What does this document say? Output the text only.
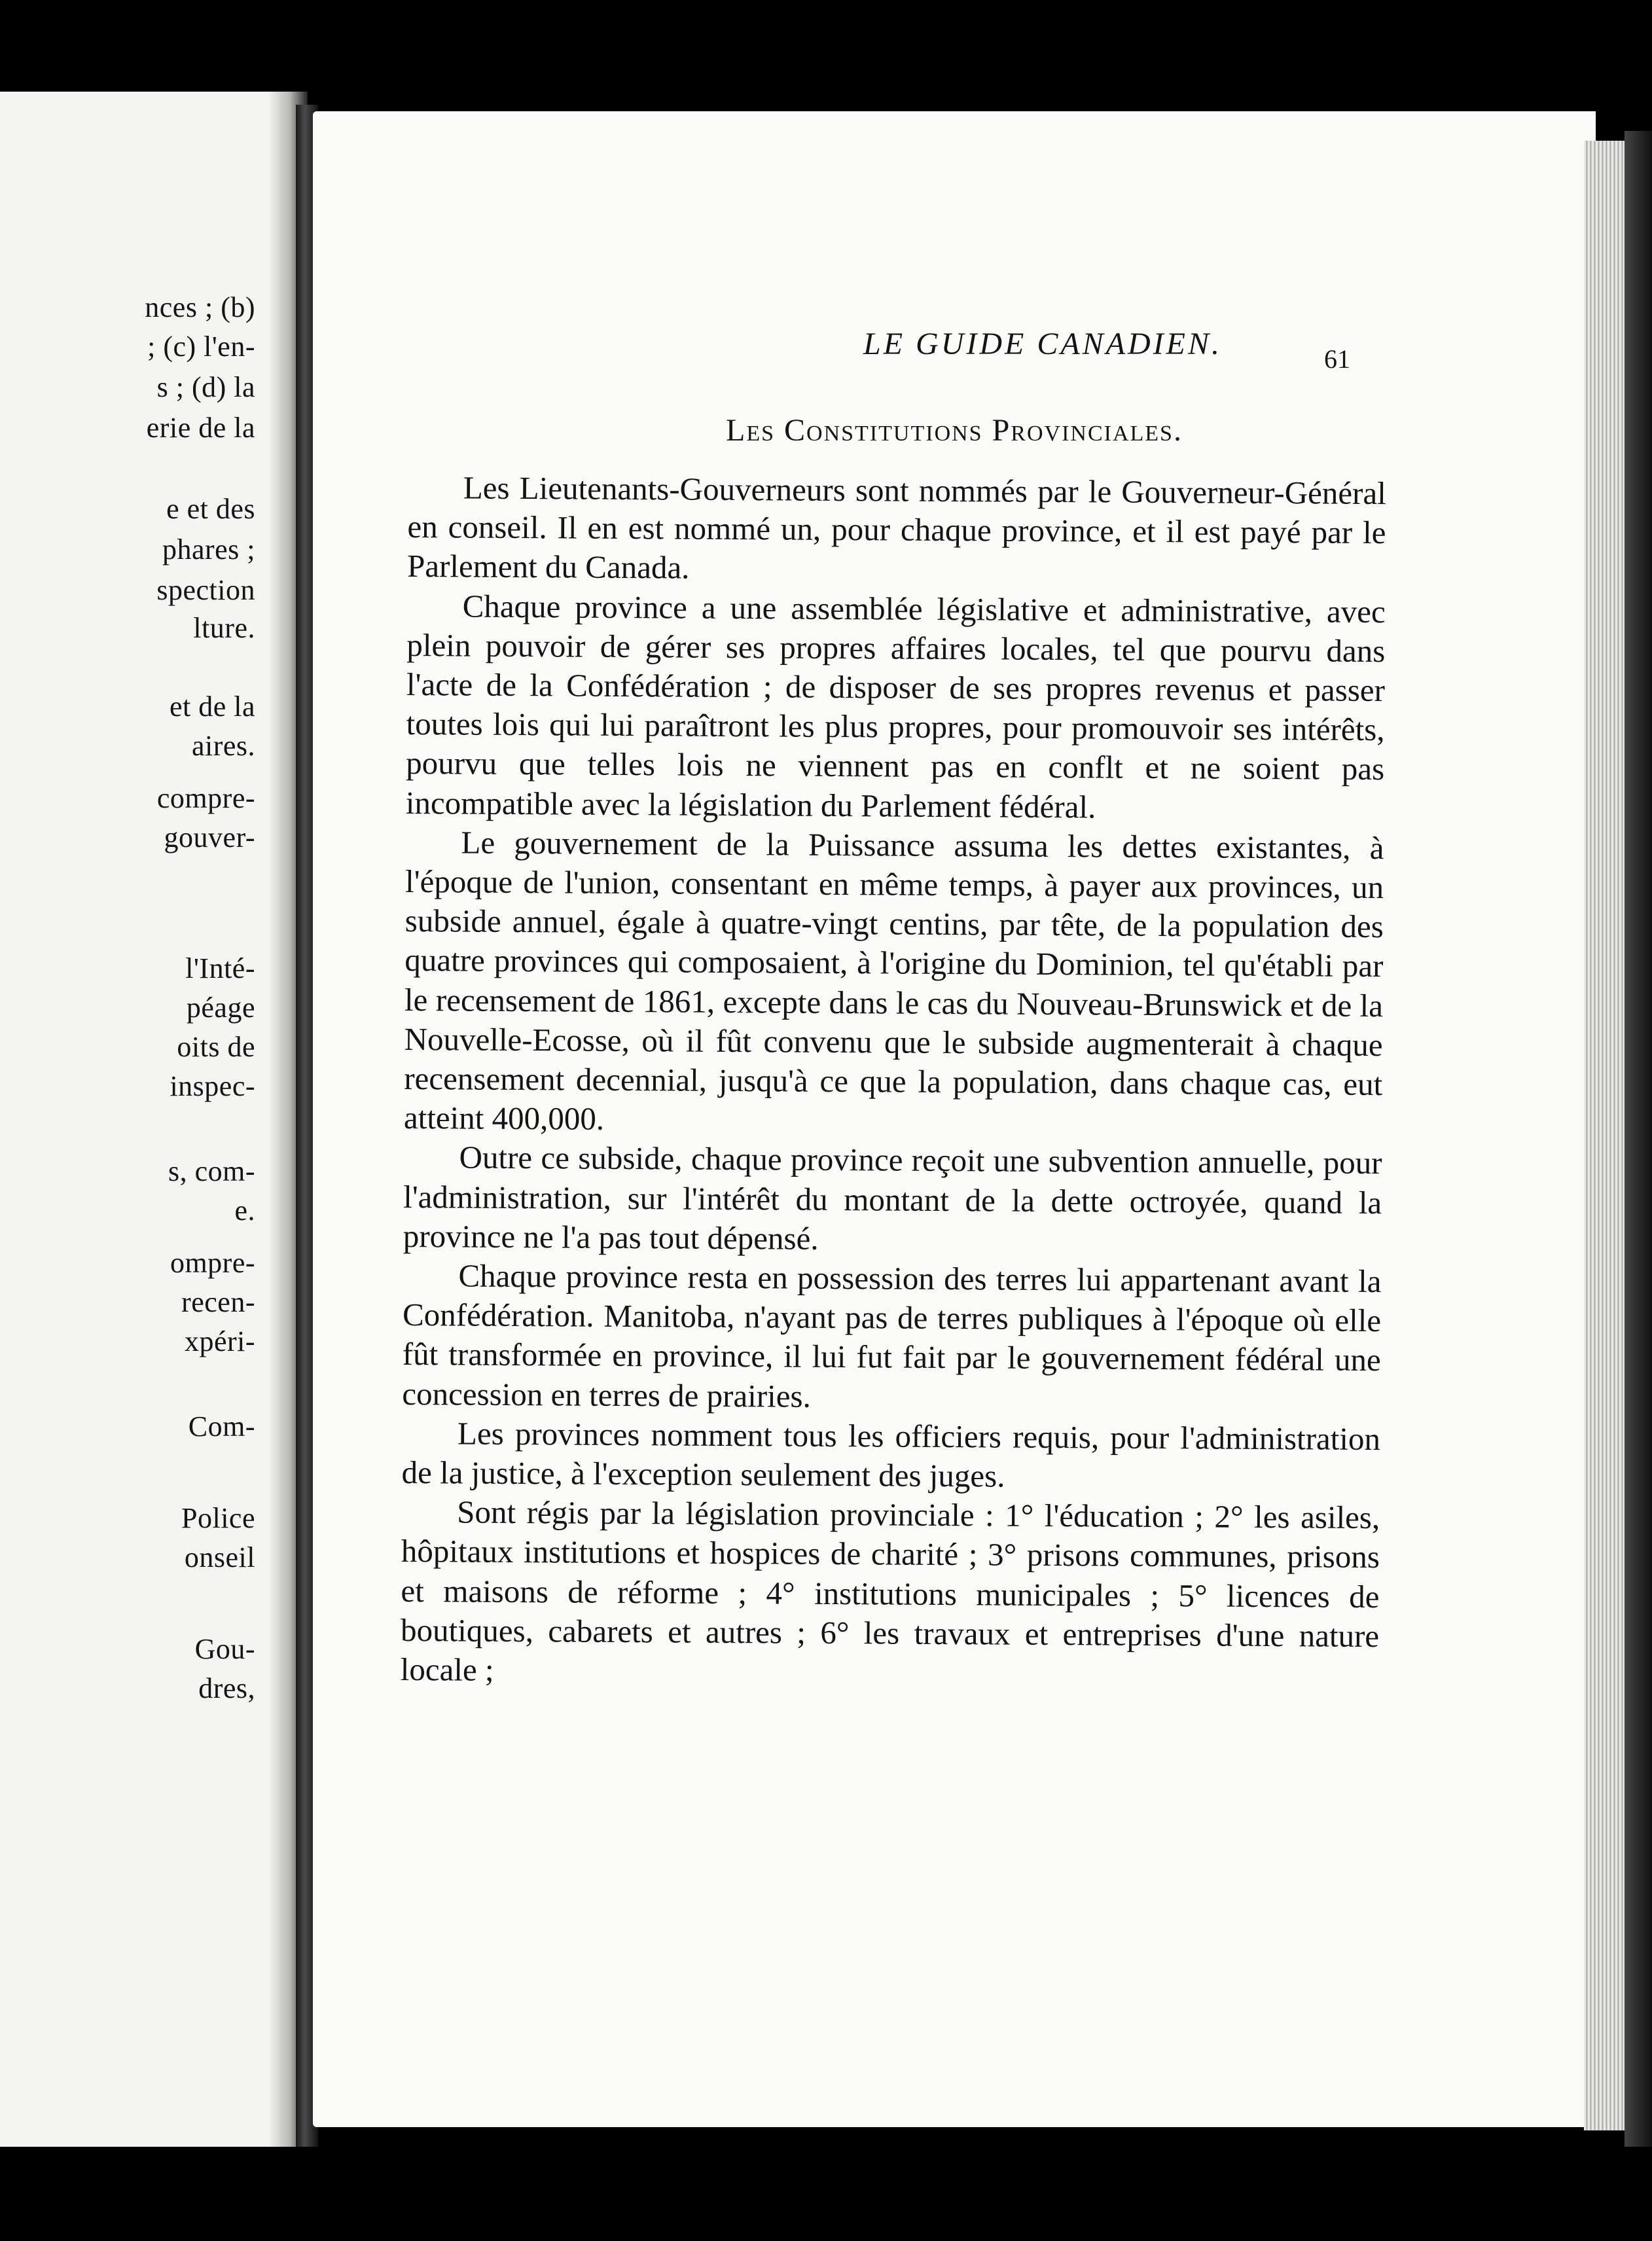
nces ; (b)
; (c) l'en-
s ; (d) la
erie de la
e et des
phares ;
spection
lture.
et de la
aires.
compre-
gouver-
l'Inté-
péage
oits de
inspec-
s, com-
e.
ompre-
recen-
xpéri-
Com-
Police
onseil
Gou-
dres,
LE GUIDE CANADIEN.	61
Les Constitutions Provinciales.

Les Lieutenants-Gouverneurs sont nommés par le Gouverneur-Général en conseil. Il en est nommé un, pour chaque province, et il est payé par le Parlement du Canada.

Chaque province a une assemblée législative et administrative, avec plein pouvoir de gérer ses propres affaires locales, tel que pourvu dans l'acte de la Confédération ; de disposer de ses propres revenus et passer toutes lois qui lui paraîtront les plus propres, pour promouvoir ses intérêts, pourvu que telles lois ne viennent pas en conflt et ne soient pas incompatible avec la législation du Parlement fédéral.

Le gouvernement de la Puissance assuma les dettes existantes, à l'époque de l'union, consentant en même temps, à payer aux provinces, un subside annuel, égale à quatre-vingt centins, par tête, de la population des quatre provinces qui composaient, à l'origine du Dominion, tel qu'établi par le recensement de 1861, excepte dans le cas du Nouveau-Brunswick et de la Nouvelle-Ecosse, où il fût convenu que le subside augmenterait à chaque recensement decennial, jusqu'à ce que la population, dans chaque cas, eut atteint 400,000.

Outre ce subside, chaque province reçoit une subvention annuelle, pour l'administration, sur l'intérêt du montant de la dette octroyée, quand la province ne l'a pas tout dépensé.

Chaque province resta en possession des terres lui appartenant avant la Confédération. Manitoba, n'ayant pas de terres publiques à l'époque où elle fût transformée en province, il lui fut fait par le gouvernement fédéral une concession en terres de prairies.

Les provinces nomment tous les officiers requis, pour l'administration de la justice, à l'exception seulement des juges.

Sont régis par la législation provinciale : 1° l'éducation ; 2° les asiles, hôpitaux institutions et hospices de charité ; 3° prisons communes, prisons et maisons de réforme ; 4° institutions municipales ; 5° licences de boutiques, cabarets et autres ; 6° les travaux et entreprises d'une nature locale ;
